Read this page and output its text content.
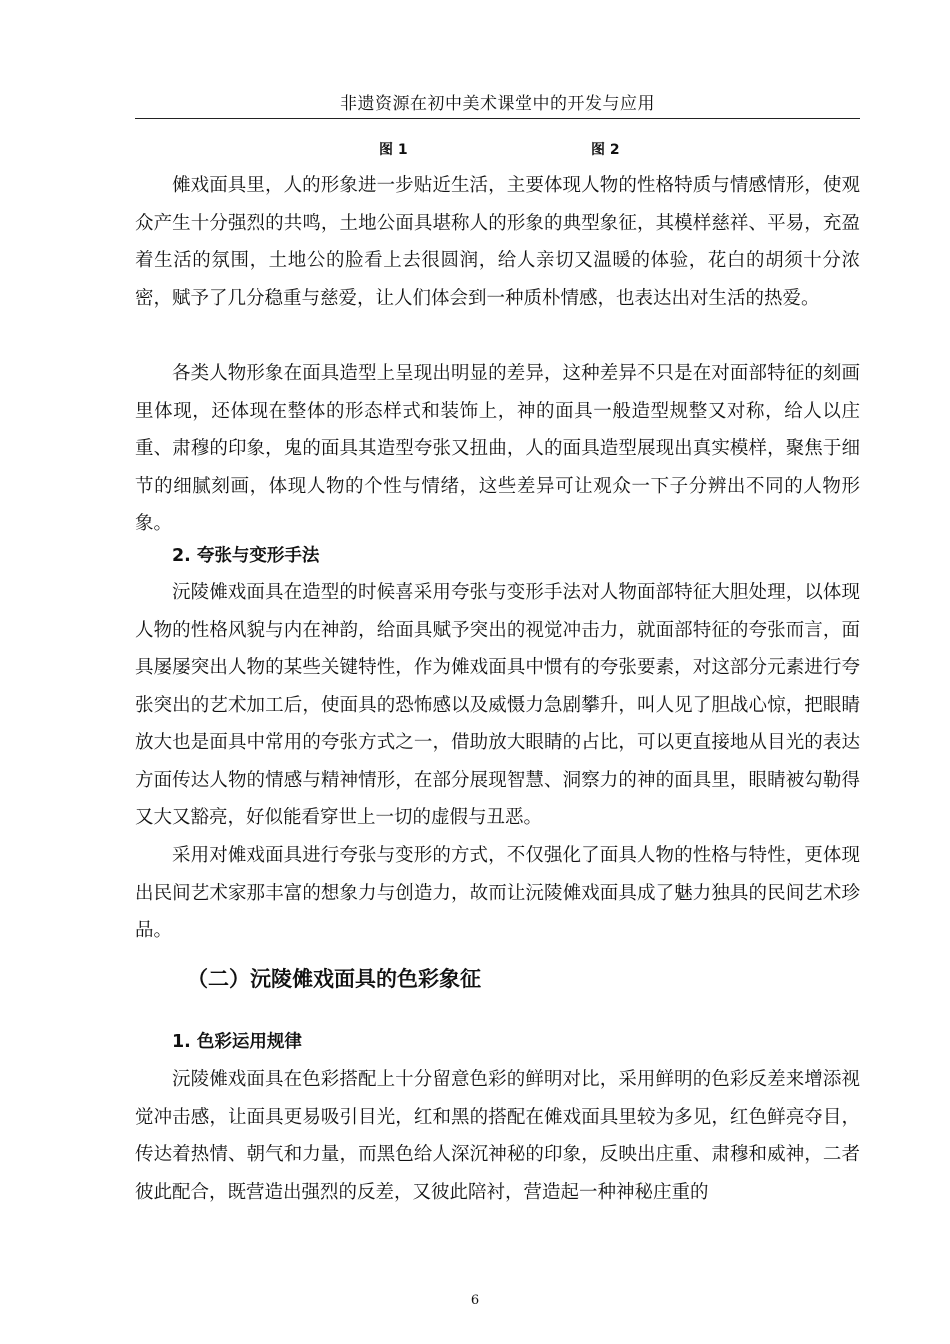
非遗资源在初中美术课堂中的开发与应用
图 1	图 2

傩戏面具里，人的形象进一步贴近生活，主要体现人物的性格特质与情感情形，使观众产生十分强烈的共鸣，土地公面具堪称人的形象的典型象征，其模样慈祥、平易，充盈着生活的氛围，土地公的脸看上去很圆润，给人亲切又温暖的体验，花白的胡须十分浓密，赋予了几分稳重与慈爱，让人们体会到一种质朴情感，也表达出对生活的热爱。

各类人物形象在面具造型上呈现出明显的差异，这种差异不只是在对面部特征的刻画里体现，还体现在整体的形态样式和装饰上，神的面具一般造型规整又对称，给人以庄重、肃穆的印象，鬼的面具其造型夸张又扭曲，人的面具造型展现出真实模样，聚焦于细节的细腻刻画，体现人物的个性与情绪，这些差异可让观众一下子分辨出不同的人物形象。

2. 夸张与变形手法

沅陵傩戏面具在造型的时候喜采用夸张与变形手法对人物面部特征大胆处理，以体现人物的性格风貌与内在神韵，给面具赋予突出的视觉冲击力，就面部特征的夸张而言，面具屡屡突出人物的某些关键特性，作为傩戏面具中惯有的夸张要素，对这部分元素进行夸张突出的艺术加工后，使面具的恐怖感以及威慑力急剧攀升，叫人见了胆战心惊，把眼睛放大也是面具中常用的夸张方式之一，借助放大眼睛的占比，可以更直接地从目光的表达方面传达人物的情感与精神情形，在部分展现智慧、洞察力的神的面具里，眼睛被勾勒得又大又豁亮，好似能看穿世上一切的虚假与丑恶。

采用对傩戏面具进行夸张与变形的方式，不仅强化了面具人物的性格与特性，更体现出民间艺术家那丰富的想象力与创造力，故而让沅陵傩戏面具成了魅力独具的民间艺术珍品。

（二）沅陵傩戏面具的色彩象征
1. 色彩运用规律

沅陵傩戏面具在色彩搭配上十分留意色彩的鲜明对比，采用鲜明的色彩反差来增添视觉冲击感，让面具更易吸引目光，红和黑的搭配在傩戏面具里较为多见，红色鲜亮夺目，传达着热情、朝气和力量，而黑色给人深沉神秘的印象，反映出庄重、肃穆和威神，二者彼此配合，既营造出强烈的反差，又彼此陪衬，营造起一种神秘庄重的

6
